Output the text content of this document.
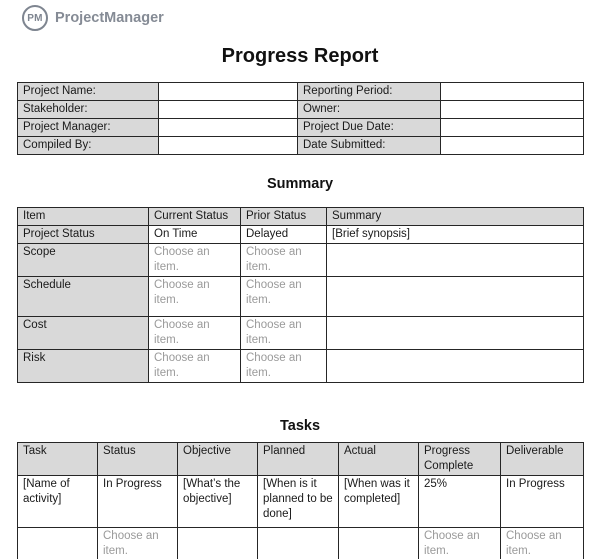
PM ProjectManager
Progress Report
Project Name:		Reporting Period:	
Stakeholder:		Owner:	
Project Manager:		Project Due Date:	
Compiled By:		Date Submitted:	
Summary
Item	Current Status	Prior Status	Summary
Project Status	On Time	Delayed	[Brief synopsis]
Scope	Choose an item.	Choose an item.	
Schedule	Choose an item.	Choose an item.	
Cost	Choose an item.	Choose an item.	
Risk	Choose an item.	Choose an item.	
Tasks
Task	Status	Objective	Planned	Actual	Progress Complete	Deliverable
[Name of activity]	In Progress	[What’s the objective]	[When is it planned to be done]	[When was it completed]	25%	In Progress
	Choose an item.				Choose an item.	Choose an item.
